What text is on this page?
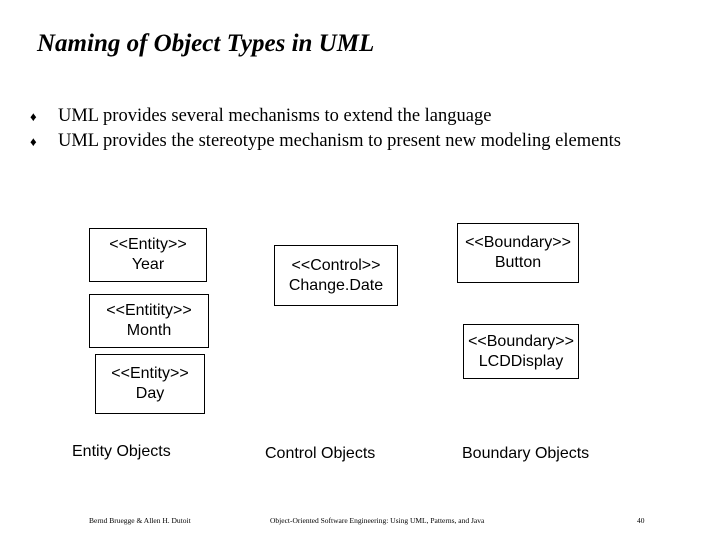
Naming of Object Types in UML
♦ UML provides several mechanisms to extend the language
♦ UML provides the stereotype mechanism to present new modeling elements
<<Entity>>
Year
<<Entitity>>
Month
<<Entity>>
Day
<<Control>>
Change.Date
<<Boundary>>
Button
<<Boundary>>
LCDDisplay
Entity Objects	Control Objects	Boundary Objects
Bernd Bruegge & Allen H. Dutoit	Object-Oriented Software Engineering: Using UML, Patterns, and Java	40
